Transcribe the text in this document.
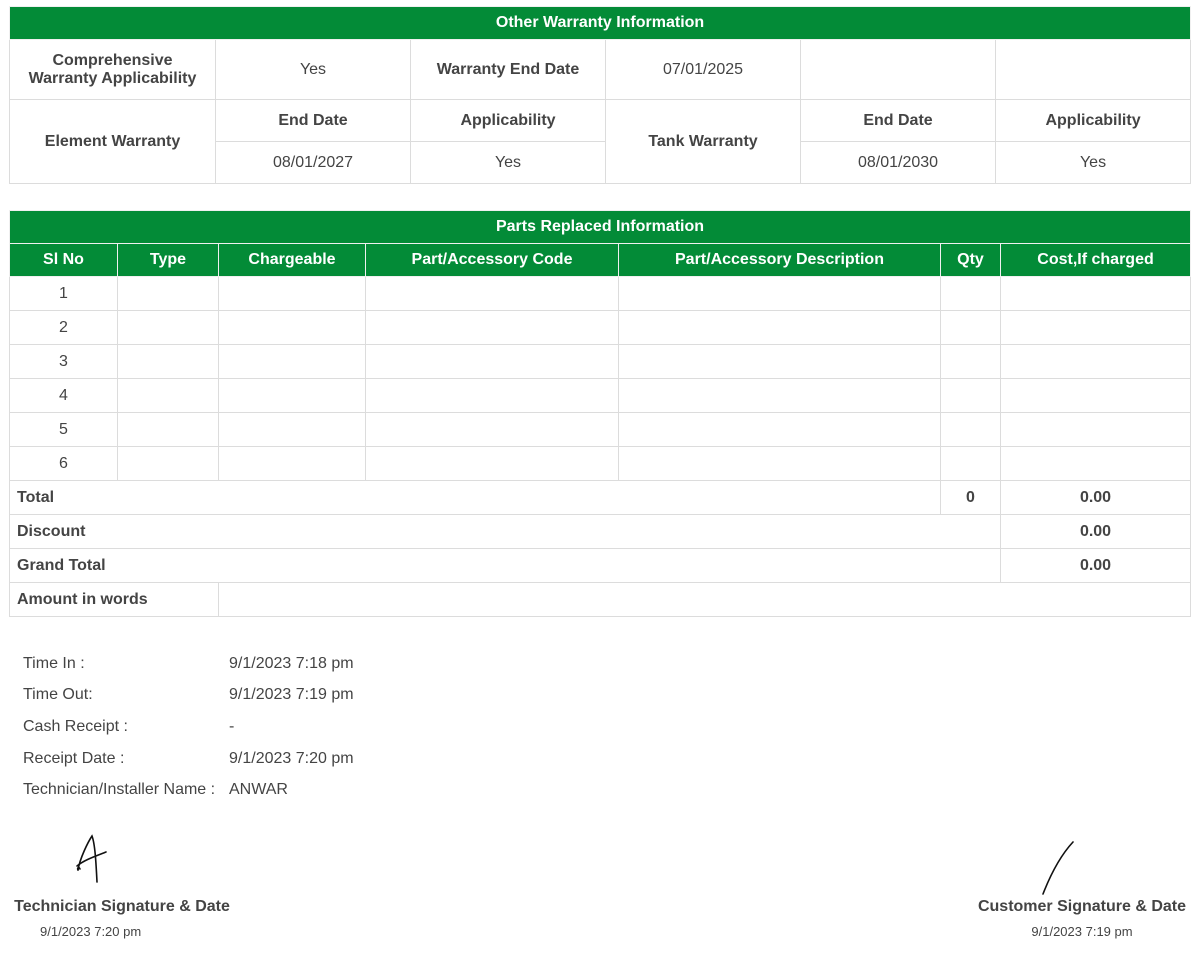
Other Warranty Information					
Comprehensive Warranty Applicability	Yes	Warranty End Date	07/01/2025		
Element Warranty	End Date	Applicability	Tank Warranty	End Date	Applicability
	08/01/2027	Yes		08/01/2030	Yes
Parts Replaced Information						
Sl No	Type	Chargeable	Part/Accessory Code	Part/Accessory Description	Qty	Cost,If charged
1						
2						
3						
4						
5						
6						
Total					0	0.00
Discount						0.00
Grand Total						0.00
Amount in words						
Time In :	9/1/2023 7:18 pm
Time Out:	9/1/2023 7:19 pm
Cash Receipt :	-
Receipt Date :	9/1/2023 7:20 pm
Technician/Installer Name : ANWAR
Technician Signature & Date
9/1/2023 7:20 pm
Customer Signature & Date
9/1/2023 7:19 pm
